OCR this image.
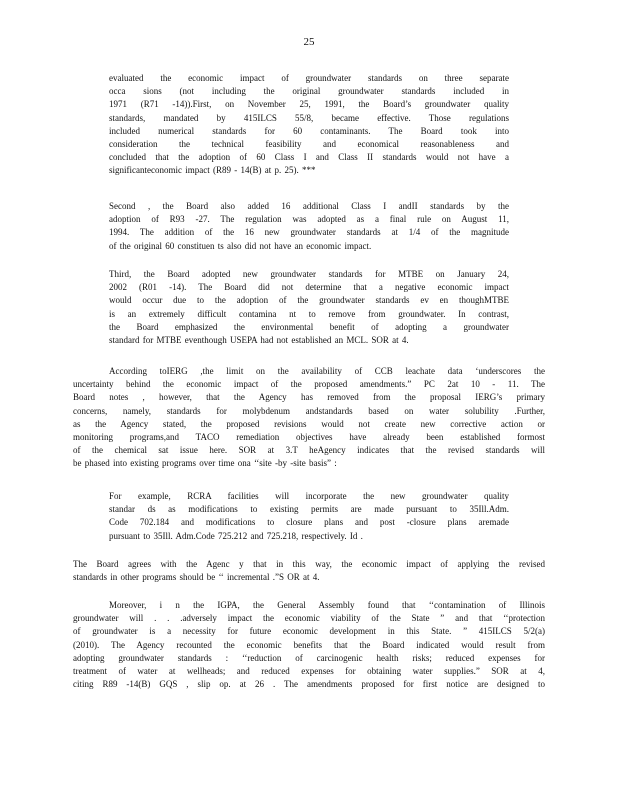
25
evaluated the economic impact of groundwater standards on three separate
occa sions (not including the original groundwater standards included in
1971 (R71 -14)).First, on November 25, 1991, the Board’s groundwater quality
standards, mandated by 415ILCS 55/8, became effective. Those regulations
included numerical standards for 60 contaminants. The Board took into
consideration the technical feasibility and economical reasonableness and
concluded that the adoption of 60 Class I and Class II standards would not have a
significanteconomic impact (R89 - 14(B) at p. 25). ***
Second , the Board also added 16 additional Class I andII standards by the
adoption of R93 -27. The regulation was adopted as a final rule on August 11,
1994. The addition of the 16 new groundwater standards at 1/4 of the magnitude
of the original 60 constituen ts also did not have an economic impact.
Third, the Board adopted new groundwater standards for MTBE on January 24,
2002 (R01 -14). The Board did not determine that a negative economic impact
would occur due to the adoption of the groundwater standards ev en thoughMTBE
is an extremely difficult contamina nt to remove from groundwater. In contrast,
the Board emphasized the environmental benefit of adopting a groundwater
standard for MTBE eventhough USEPA had not established an MCL. SOR at 4.
According toIERG ,the limit on the availability of CCB leachate data ‘underscores the
uncertainty behind the economic impact of the proposed amendments.” PC 2at 10 - 11. The
Board notes , however, that the Agency has removed from the proposal IERG’s primary
concerns, namely, standards for molybdenum andstandards based on water solubility .Further,
as the Agency stated, the proposed revisions would not create new corrective action or
monitoring programs,and TACO remediation objectives have already been established formost
of the chemical sat issue here. SOR at 3.T heAgency indicates that the revised standards will
be phased into existing programs over time ona ‘‘site -by -site basis” :
For example, RCRA facilities will incorporate the new groundwater quality
standar ds as modifications to existing permits are made pursuant to 35Ill.Adm.
Code 702.184 and modifications to closure plans and post -closure plans aremade
pursuant to 35Ill. Adm.Code 725.212 and 725.218, respectively. Id .
The Board agrees with the Agenc y that in this way, the economic impact of applying the revised
standards in other programs should be ‘‘ incremental .”S OR at 4.
Moreover, i n the IGPA, the General Assembly found that ‘‘contamination of Illinois
groundwater will . . .adversely impact the economic viability of the State ” and that ‘‘protection
of groundwater is a necessity for future economic development in this State. ” 415ILCS 5/2(a)
(2010). The Agency recounted the economic benefits that the Board indicated would result from
adopting groundwater standards : ‘‘reduction of carcinogenic health risks; reduced expenses for
treatment of water at wellheads; and reduced expenses for obtaining water supplies.” SOR at 4,
citing R89 -14(B) GQS , slip op. at 26 . The amendments proposed for first notice are designed to
